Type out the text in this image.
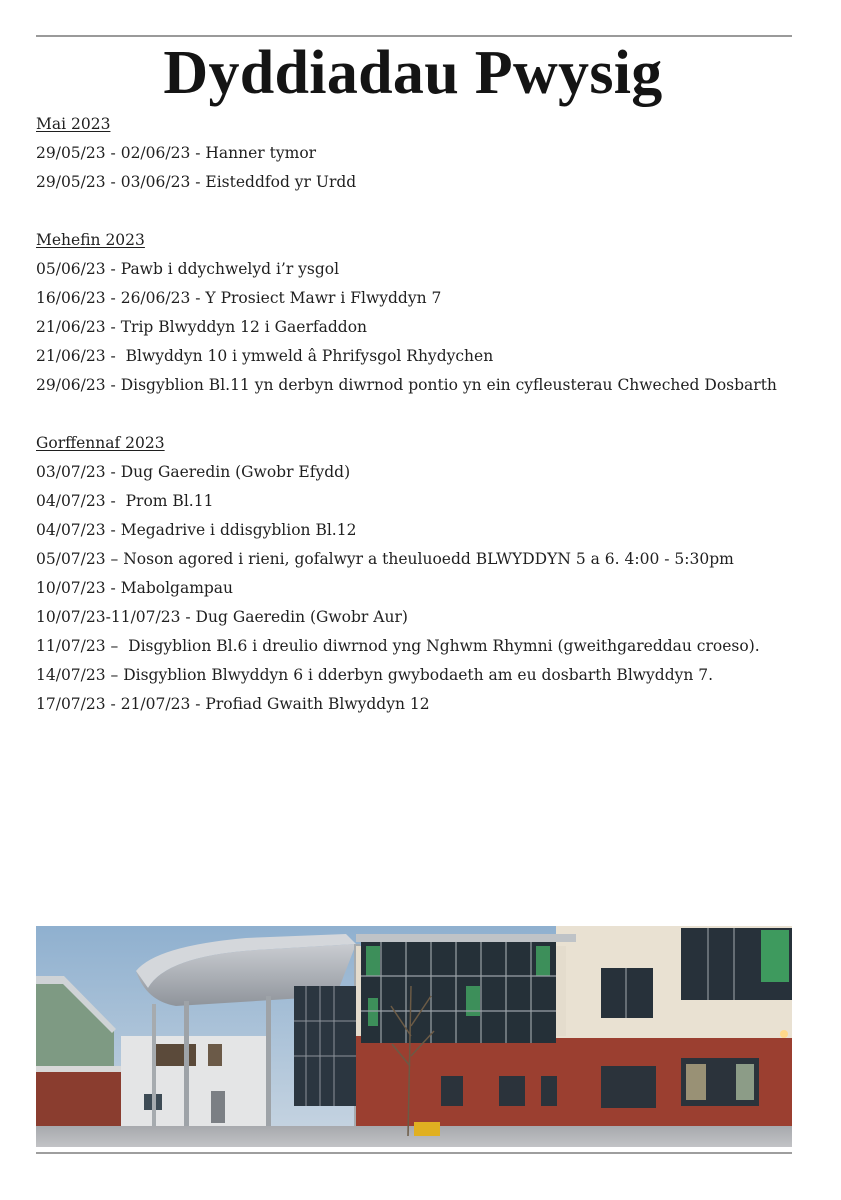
Dyddiadau Pwysig
Mai 2023
29/05/23 - 02/06/23 - Hanner tymor
29/05/23 - 03/06/23 - Eisteddfod yr Urdd
Mehefin 2023
05/06/23 - Pawb i ddychwelyd i’r ysgol
16/06/23 - 26/06/23 - Y Prosiect Mawr i Flwyddyn 7
21/06/23 - Trip Blwyddyn 12 i Gaerfaddon
21/06/23 -  Blwyddyn 10 i ymweld â Phrifysgol Rhydychen
29/06/23 - Disgyblion Bl.11 yn derbyn diwrnod pontio yn ein cyfleusterau Chweched Dosbarth
Gorffennaf 2023
03/07/23 - Dug Gaeredin (Gwobr Efydd)
04/07/23 -  Prom Bl.11
04/07/23 - Megadrive i ddisgyblion Bl.12
05/07/23 – Noson agored i rieni, gofalwyr a theuluoedd BLWYDDYN 5 a 6. 4:00 - 5:30pm
10/07/23 - Mabolgampau
10/07/23-11/07/23 - Dug Gaeredin (Gwobr Aur)
11/07/23 –  Disgyblion Bl.6 i dreulio diwrnod yng Nghwm Rhymni (gweithgareddau croeso).
14/07/23 – Disgyblion Blwyddyn 6 i dderbyn gwybodaeth am eu dosbarth Blwyddyn 7.
17/07/23 - 21/07/23 - Profiad Gwaith Blwyddyn 12
